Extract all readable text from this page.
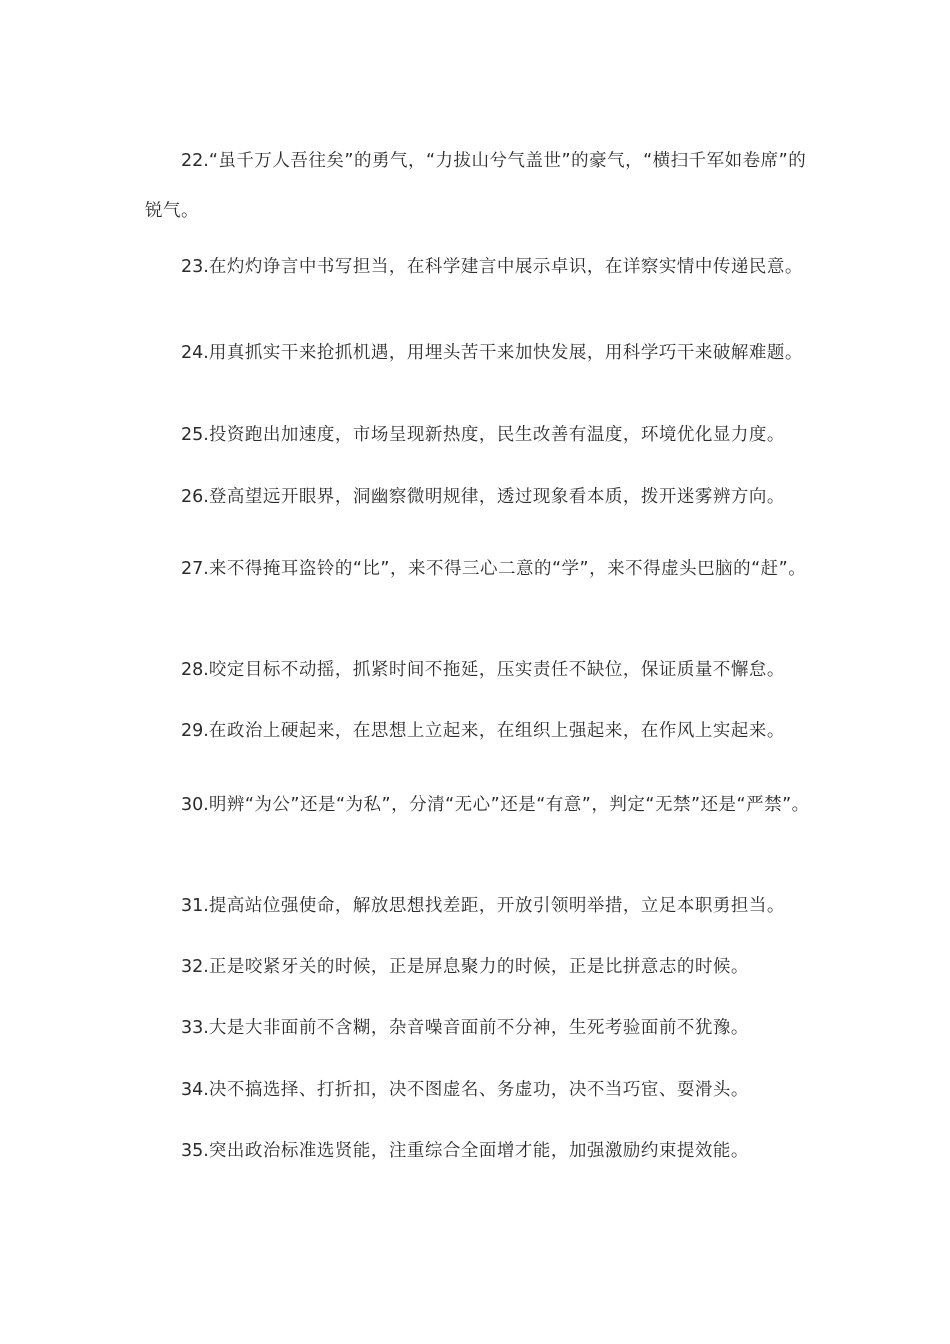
22.“虽千万人吾往矣”的勇气，“力拔山兮气盖世”的豪气，“横扫千军如卷席”的锐气。

23.在灼灼诤言中书写担当，在科学建言中展示卓识，在详察实情中传递民意。

24.用真抓实干来抢抓机遇，用埋头苦干来加快发展，用科学巧干来破解难题。

25.投资跑出加速度，市场呈现新热度，民生改善有温度，环境优化显力度。

26.登高望远开眼界，洞幽察微明规律，透过现象看本质，拨开迷雾辨方向。

27.来不得掩耳盗铃的“比”，来不得三心二意的“学”，来不得虚头巴脑的“赶”。

28.咬定目标不动摇，抓紧时间不拖延，压实责任不缺位，保证质量不懈怠。

29.在政治上硬起来，在思想上立起来，在组织上强起来，在作风上实起来。

30.明辨“为公”还是“为私”，分清“无心”还是“有意”，判定“无禁”还是“严禁”。

31.提高站位强使命，解放思想找差距，开放引领明举措，立足本职勇担当。

32.正是咬紧牙关的时候，正是屏息聚力的时候，正是比拼意志的时候。

33.大是大非面前不含糊，杂音噪音面前不分神，生死考验面前不犹豫。

34.决不搞选择、打折扣，决不图虚名、务虚功，决不当巧宦、耍滑头。

35.突出政治标准选贤能，注重综合全面增才能，加强激励约束提效能。
